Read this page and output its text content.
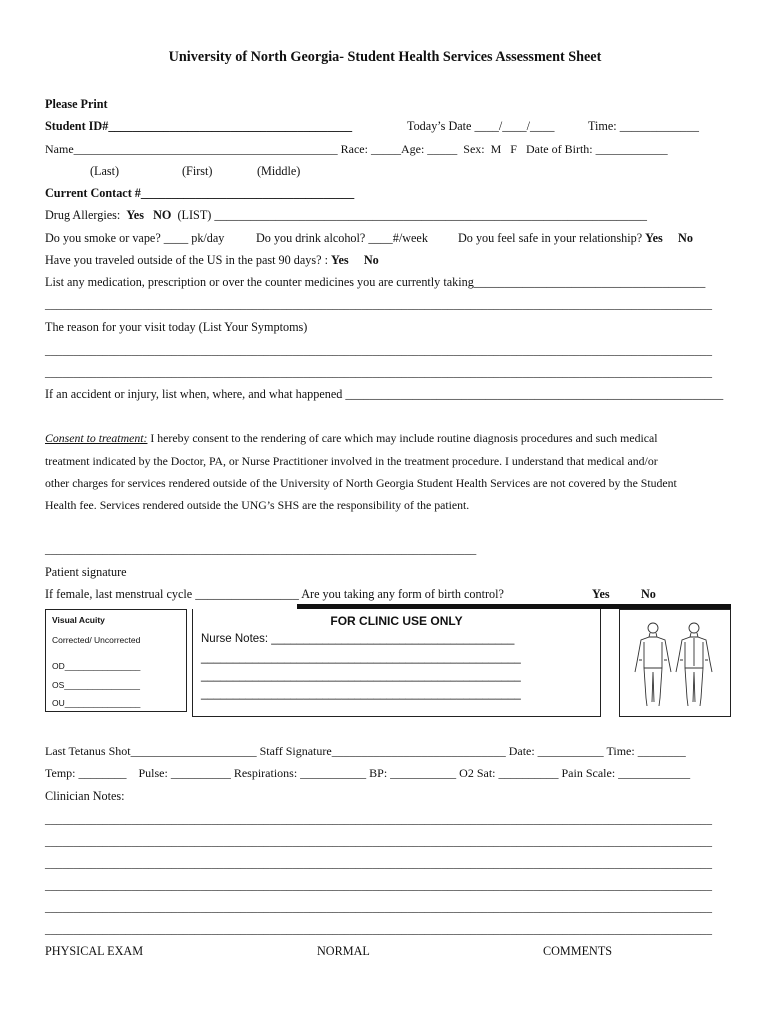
University of North Georgia- Student Health Services Assessment Sheet
Please Print
Student ID#________________________________________	Today’s Date ____/____/____	Time: _____________
Name____________________________________________ Race: _____Age: _____  Sex:  M   F   Date of Birth: ____________
(Last)	(First)	(Middle)
Current Contact #___________________________________
Drug Allergies: Yes NO (LIST) _______________________________________________________________________
Do you smoke or vape? ____ pk/day	Do you drink alcohol? ____#/week Do you feel safe in your relationship? Yes No
Have you traveled outside of the US in the past 90 days? : Yes No
List any medication, prescription or over the counter medicines you are currently taking______________________________________
____________________________________________________________________________________________________________________
The reason for your visit today (List Your Symptoms)
____________________________________________________________________________________________________________________
____________________________________________________________________________________________________________________
If an accident or injury, list when, where, and what happened ______________________________________________________________
Consent to treatment: I hereby consent to the rendering of care which may include routine diagnosis procedures and such medical
treatment indicated by the Doctor, PA, or Nurse Practitioner involved in the treatment procedure. I understand that medical and/or
other charges for services rendered outside of the University of North Georgia Student Health Services are not covered by the Student
Health fee. Services rendered outside the UNG’s SHS are the responsibility of the patient.
___________________________________________________________________________
Patient signature
If female, last menstrual cycle _________________ Are you taking any form of birth control?	Yes	No
Visual Acuity
Corrected/ Uncorrected
OD________________
OS________________
OU________________
FOR CLINIC USE ONLY
Nurse Notes: ______________________________________
__________________________________________________
__________________________________________________
__________________________________________________
Last Tetanus Shot_____________________ Staff Signature_____________________________ Date: ___________ Time: ________
Temp: ________    Pulse: __________ Respirations: ___________ BP: ___________ O2 Sat: __________ Pain Scale: ____________
Clinician Notes:
____________________________________________________________________________________________________________________
____________________________________________________________________________________________________________________
____________________________________________________________________________________________________________________
____________________________________________________________________________________________________________________
____________________________________________________________________________________________________________________
____________________________________________________________________________________________________________________
PHYSICAL EXAM	NORMAL	COMMENTS
